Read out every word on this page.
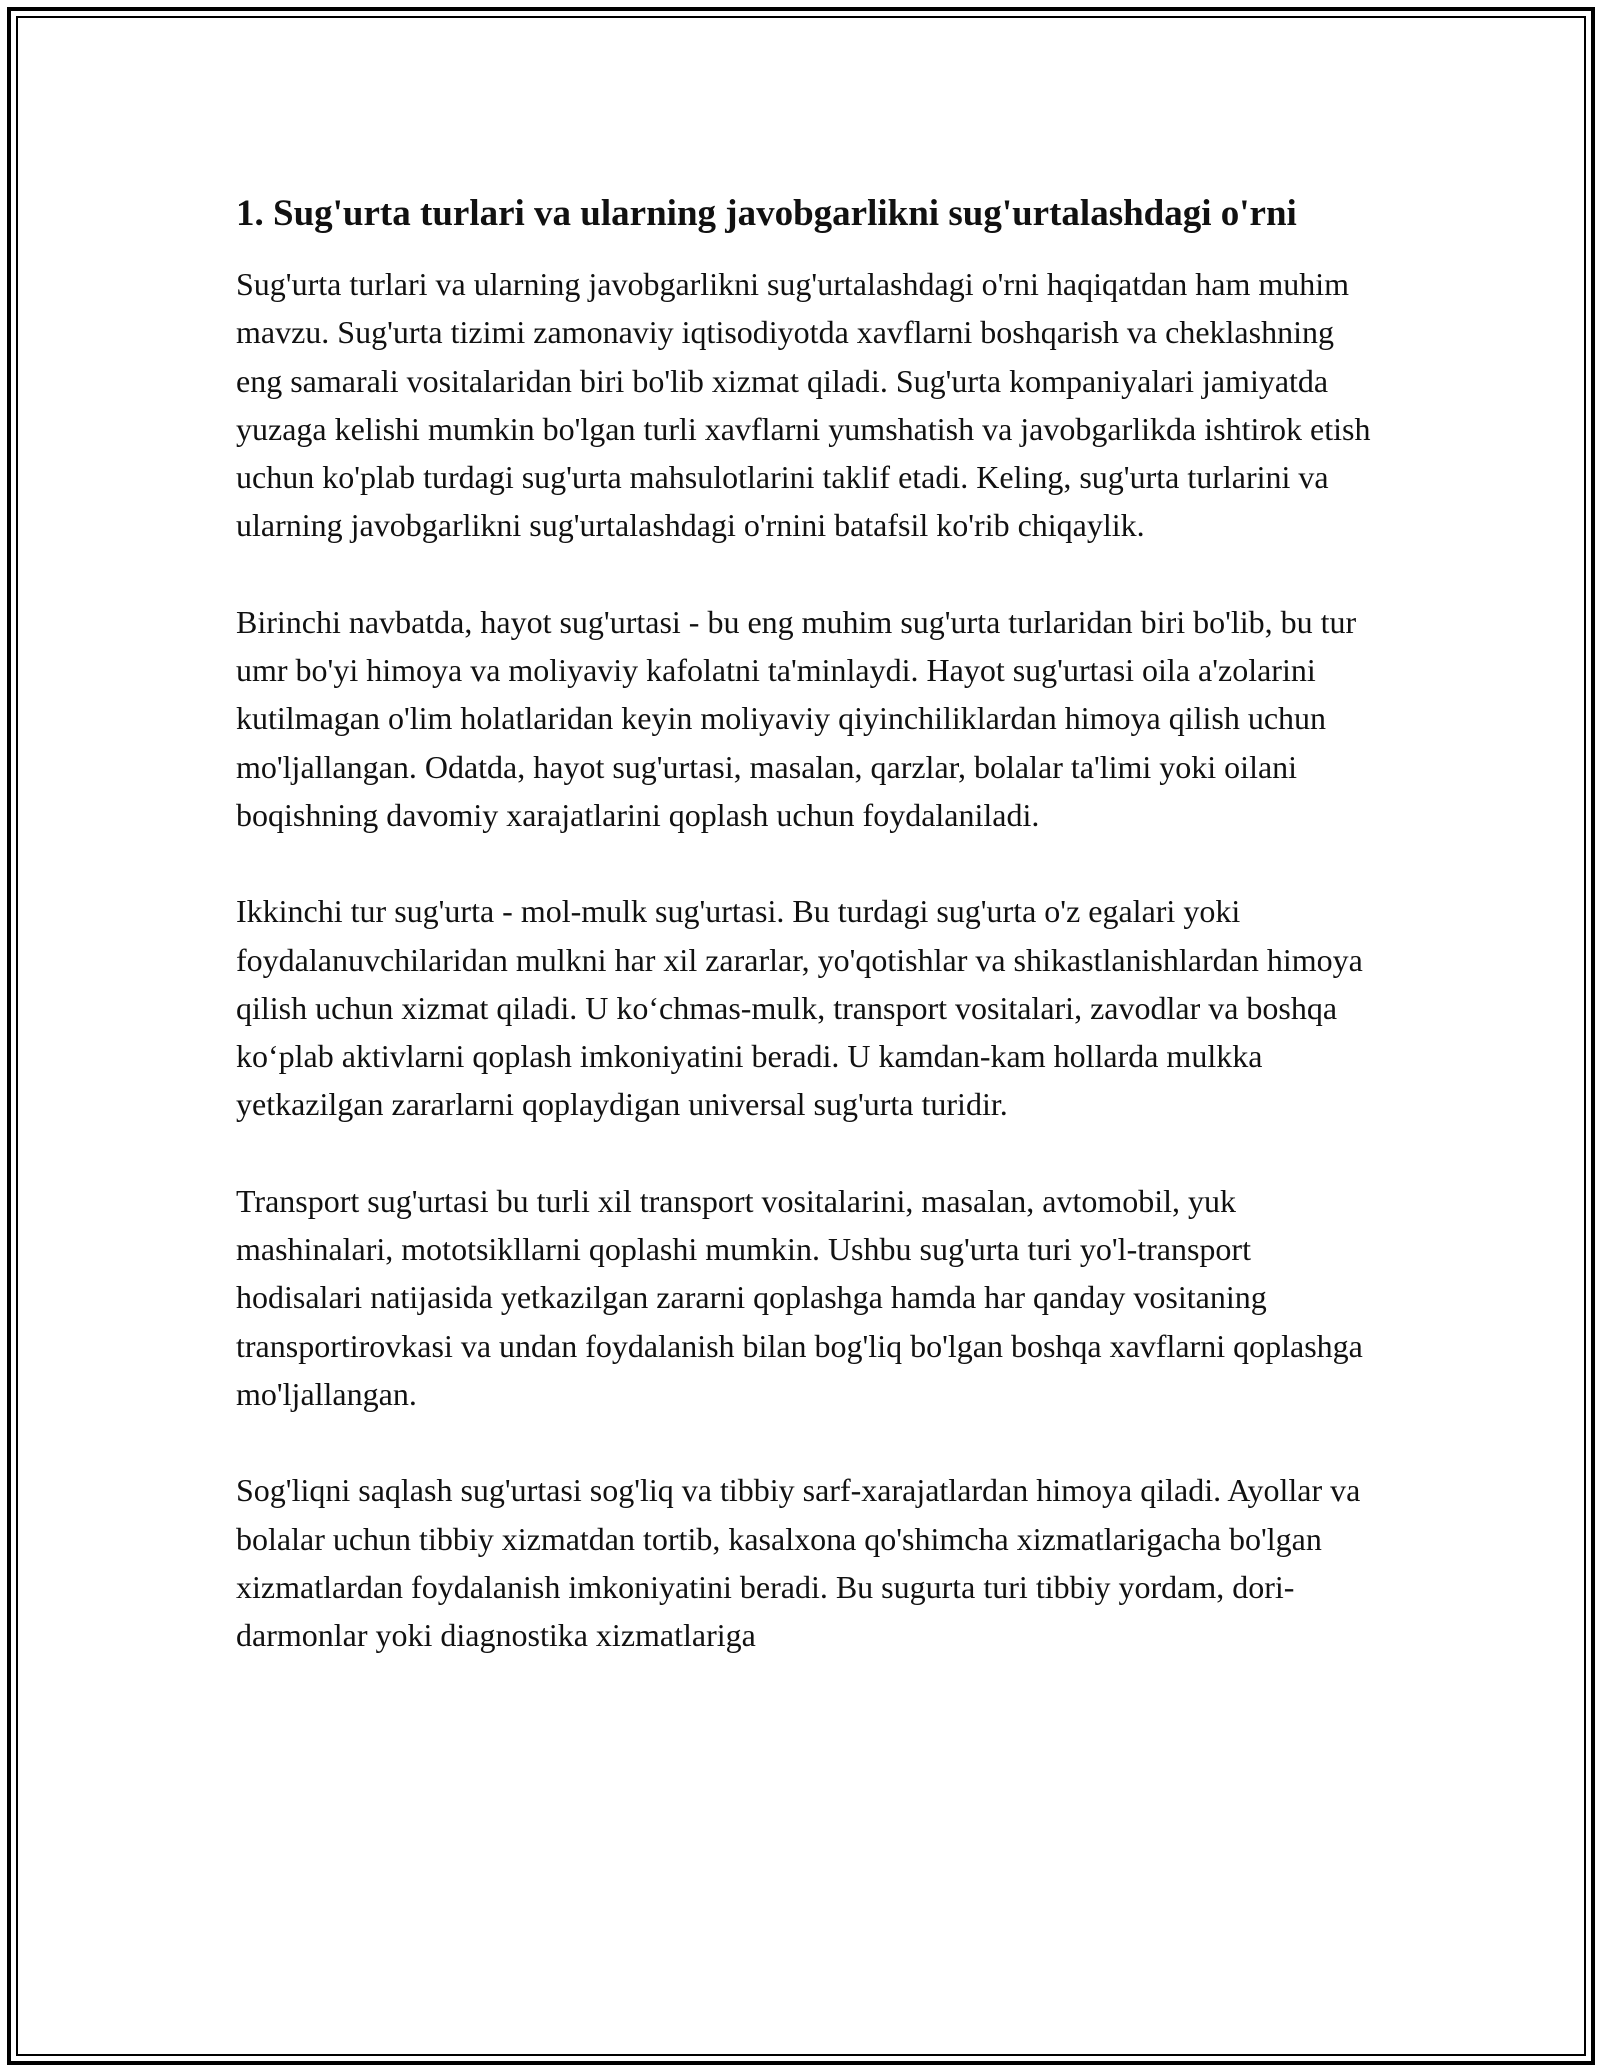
1. Sug'urta turlari va ularning javobgarlikni sug'urtalashdagi o'rni

Sug'urta turlari va ularning javobgarlikni sug'urtalashdagi o'rni haqiqatdan ham muhim mavzu. Sug'urta tizimi zamonaviy iqtisodiyotda xavflarni boshqarish va cheklashning eng samarali vositalaridan biri bo'lib xizmat qiladi. Sug'urta kompaniyalari jamiyatda yuzaga kelishi mumkin bo'lgan turli xavflarni yumshatish va javobgarlikda ishtirok etish uchun ko'plab turdagi sug'urta mahsulotlarini taklif etadi. Keling, sug'urta turlarini va ularning javobgarlikni sug'urtalashdagi o'rnini batafsil ko'rib chiqaylik.

Birinchi navbatda, hayot sug'urtasi - bu eng muhim sug'urta turlaridan biri bo'lib, bu tur umr bo'yi himoya va moliyaviy kafolatni ta'minlaydi. Hayot sug'urtasi oila a'zolarini kutilmagan o'lim holatlaridan keyin moliyaviy qiyinchiliklardan himoya qilish uchun mo'ljallangan. Odatda, hayot sug'urtasi, masalan, qarzlar, bolalar ta'limi yoki oilani boqishning davomiy xarajatlarini qoplash uchun foydalaniladi.

Ikkinchi tur sug'urta - mol-mulk sug'urtasi. Bu turdagi sug'urta o'z egalari yoki foydalanuvchilaridan mulkni har xil zararlar, yo'qotishlar va shikastlanishlardan himoya qilish uchun xizmat qiladi. U ko‘chmas-mulk, transport vositalari, zavodlar va boshqa ko‘plab aktivlarni qoplash imkoniyatini beradi. U kamdan-kam hollarda mulkka yetkazilgan zararlarni qoplaydigan universal sug'urta turidir.

Transport sug'urtasi bu turli xil transport vositalarini, masalan, avtomobil, yuk mashinalari, mototsikllarni qoplashi mumkin. Ushbu sug'urta turi yo'l-transport hodisalari natijasida yetkazilgan zararni qoplashga hamda har qanday vositaning transportirovkasi va undan foydalanish bilan bog'liq bo'lgan boshqa xavflarni qoplashga mo'ljallangan.

Sog'liqni saqlash sug'urtasi sog'liq va tibbiy sarf-xarajatlardan himoya qiladi. Ayollar va bolalar uchun tibbiy xizmatdan tortib, kasalxona qo'shimcha xizmatlarigacha bo'lgan xizmatlardan foydalanish imkoniyatini beradi. Bu sugurta turi tibbiy yordam, dori-darmonlar yoki diagnostika xizmatlariga
